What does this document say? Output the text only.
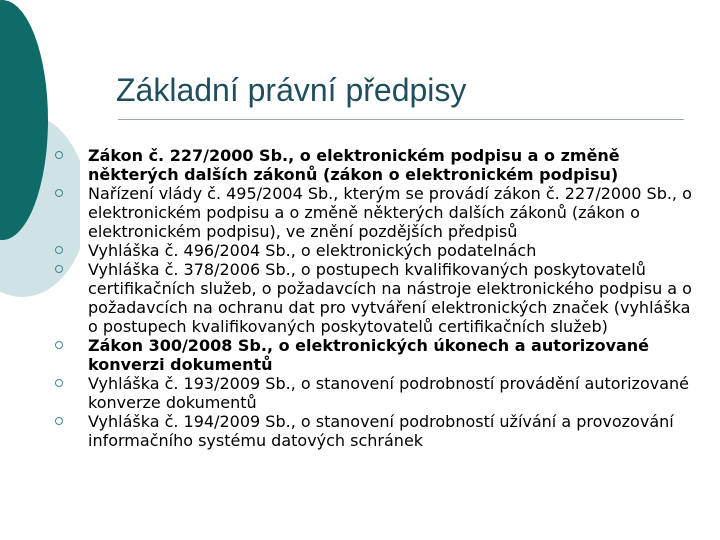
Základní právní předpisy
Zákon č. 227/2000 Sb., o elektronickém podpisu a o změně některých dalších zákonů (zákon o elektronickém podpisu)
Nařízení vlády č. 495/2004 Sb., kterým se provádí zákon č. 227/2000 Sb., o elektronickém podpisu a o změně některých dalších zákonů (zákon o elektronickém podpisu), ve znění pozdějších předpisů
Vyhláška č. 496/2004 Sb., o elektronických podatelnách
Vyhláška č. 378/2006 Sb., o postupech kvalifikovaných poskytovatelů certifikačních služeb, o požadavcích na nástroje elektronického podpisu a o požadavcích na ochranu dat pro vytváření elektronických značek (vyhláška o postupech kvalifikovaných poskytovatelů certifikačních služeb)
Zákon 300/2008 Sb., o elektronických úkonech a autorizované konverzi dokumentů
Vyhláška č. 193/2009 Sb., o stanovení podrobností provádění autorizované konverze dokumentů
Vyhláška č. 194/2009 Sb., o stanovení podrobností užívání a provozování informačního systému datových schránek
